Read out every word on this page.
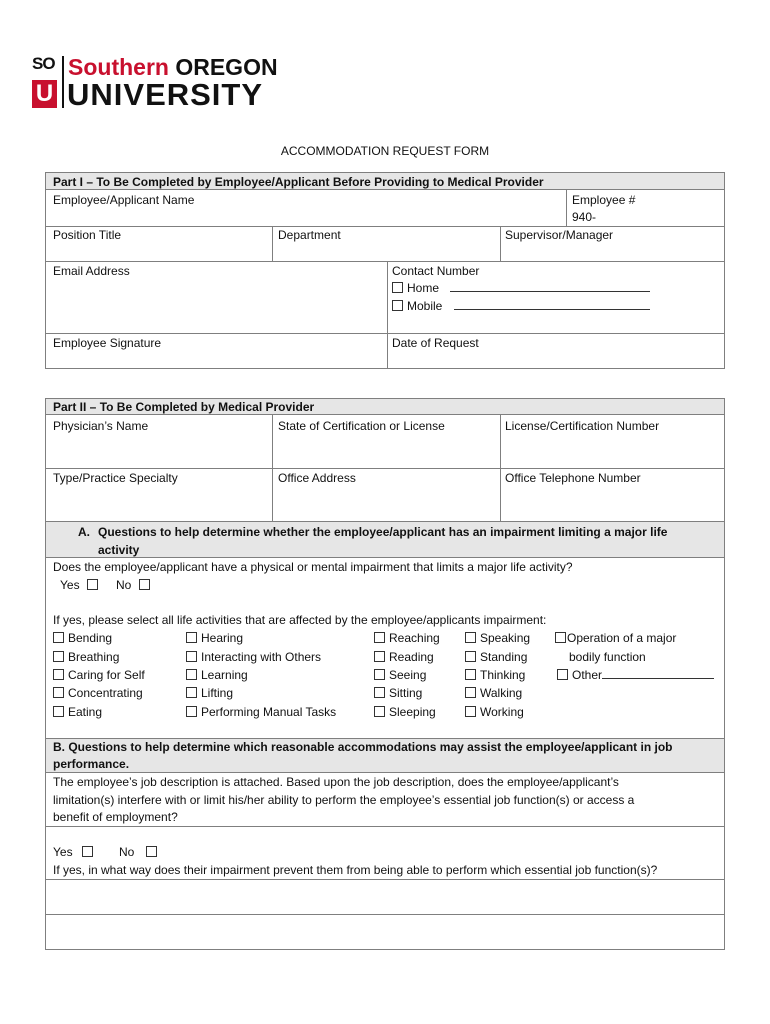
SO
U
Southern OREGON
UNIVERSITY
ACCOMMODATION REQUEST FORM
Part I – To Be Completed by Employee/Applicant Before Providing to Medical Provider
Employee/Applicant Name	Employee #
940-
Position Title	Department	Supervisor/Manager
Email Address	Contact Number
Home
Mobile
Employee Signature	Date of Request
Part II – To Be Completed by Medical Provider
Physician’s Name	State of Certification or License	License/Certification Number
Type/Practice Specialty	Office Address	Office Telephone Number
A. Questions to help determine whether the employee/applicant has an impairment limiting a major life
activity
Does the employee/applicant have a physical or mental impairment that limits a major life activity?
Yes	No
If yes, please select all life activities that are affected by the employee/applicants impairment:
Bending
Breathing
Caring for Self
Concentrating
Eating
Hearing
Interacting with Others
Learning
Lifting
Performing Manual Tasks
Reaching
Reading
Seeing
Sitting
Sleeping
Speaking
Standing
Thinking
Walking
Working
Operation of a major
bodily function
Other
B. Questions to help determine which reasonable accommodations may assist the employee/applicant in job
performance.
The employee’s job description is attached. Based upon the job description, does the employee/applicant’s
limitation(s) interfere with or limit his/her ability to perform the employee’s essential job function(s) or access a
benefit of employment?
Yes	No
If yes, in what way does their impairment prevent them from being able to perform which essential job function(s)?
